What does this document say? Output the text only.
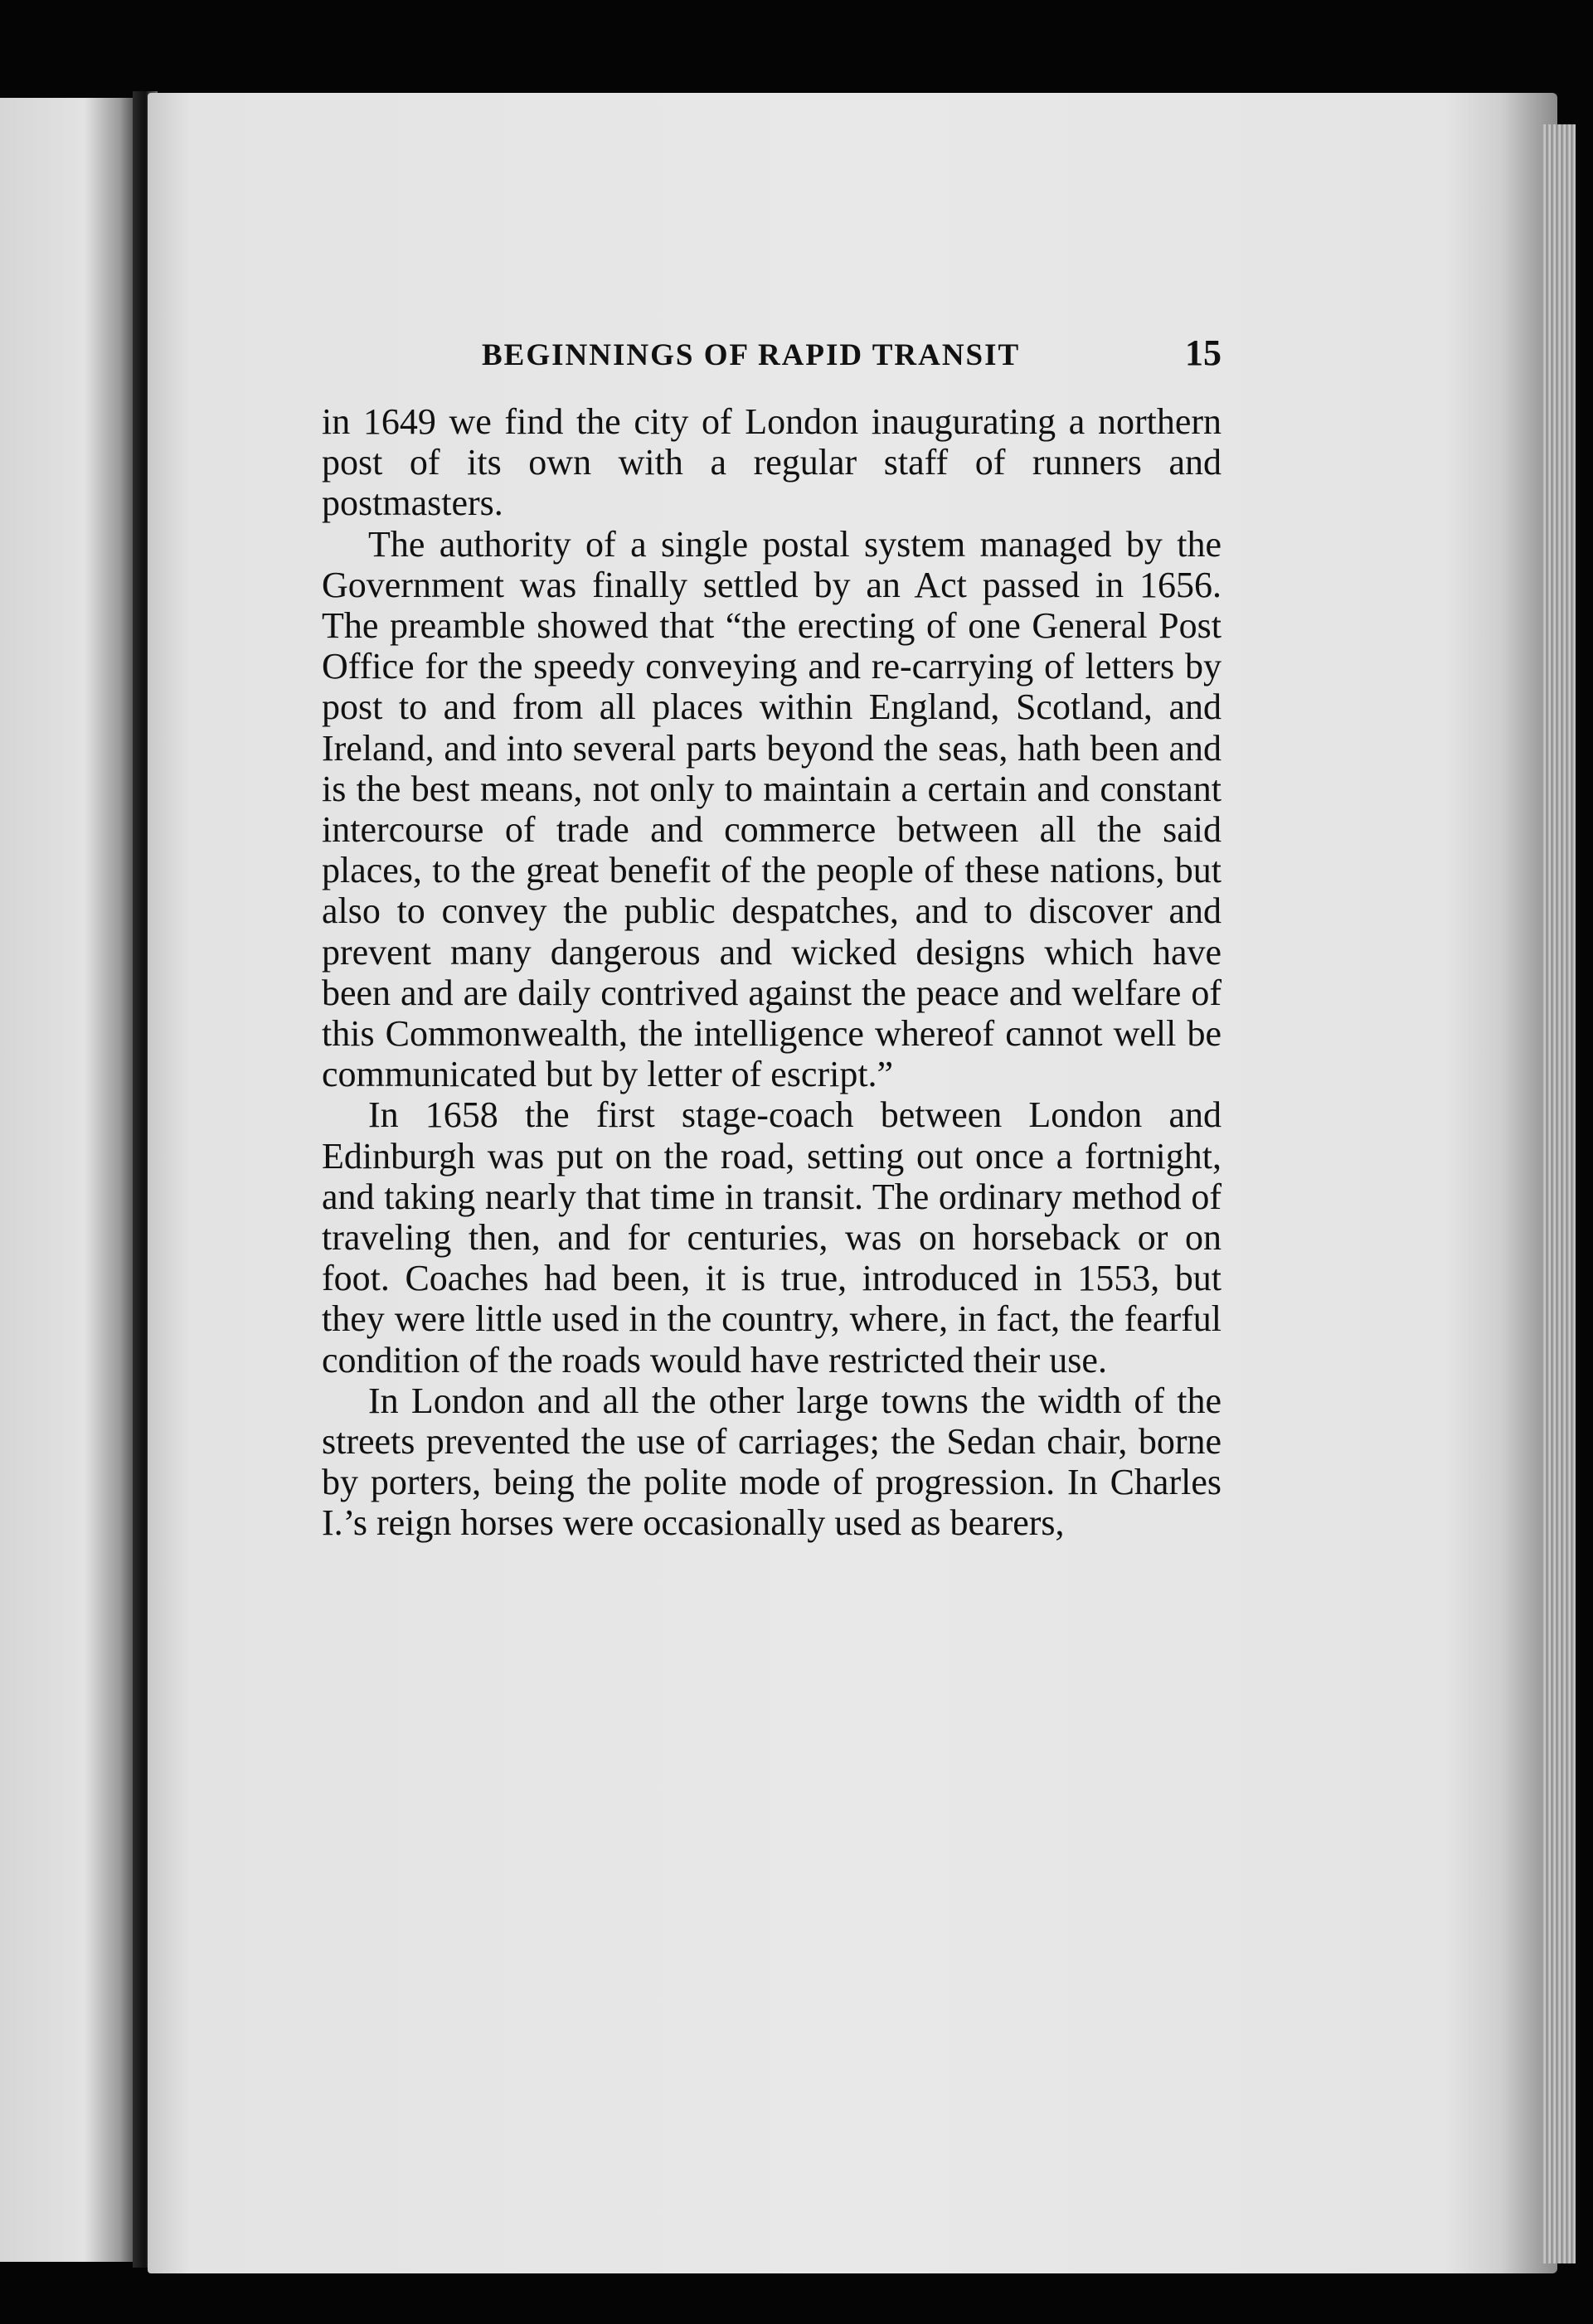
BEGINNINGS OF RAPID TRANSIT	15

in 1649 we find the city of London inaugurating a northern post of its own with a regular staff of runners and postmasters.

The authority of a single postal system managed by the Government was finally settled by an Act passed in 1656. The preamble showed that “the erecting of one General Post Office for the speedy conveying and re-carrying of letters by post to and from all places within England, Scotland, and Ireland, and into several parts beyond the seas, hath been and is the best means, not only to maintain a certain and constant intercourse of trade and commerce between all the said places, to the great benefit of the people of these nations, but also to convey the public despatches, and to discover and prevent many dangerous and wicked designs which have been and are daily contrived against the peace and welfare of this Commonwealth, the intelligence whereof cannot well be communicated but by letter of escript.”

In 1658 the first stage-coach between London and Edinburgh was put on the road, setting out once a fortnight, and taking nearly that time in transit. The ordinary method of traveling then, and for centuries, was on horseback or on foot. Coaches had been, it is true, introduced in 1553, but they were little used in the country, where, in fact, the fearful condition of the roads would have restricted their use.

In London and all the other large towns the width of the streets prevented the use of carriages; the Sedan chair, borne by porters, being the polite mode of progression. In Charles I.’s reign horses were occasionally used as bearers,
